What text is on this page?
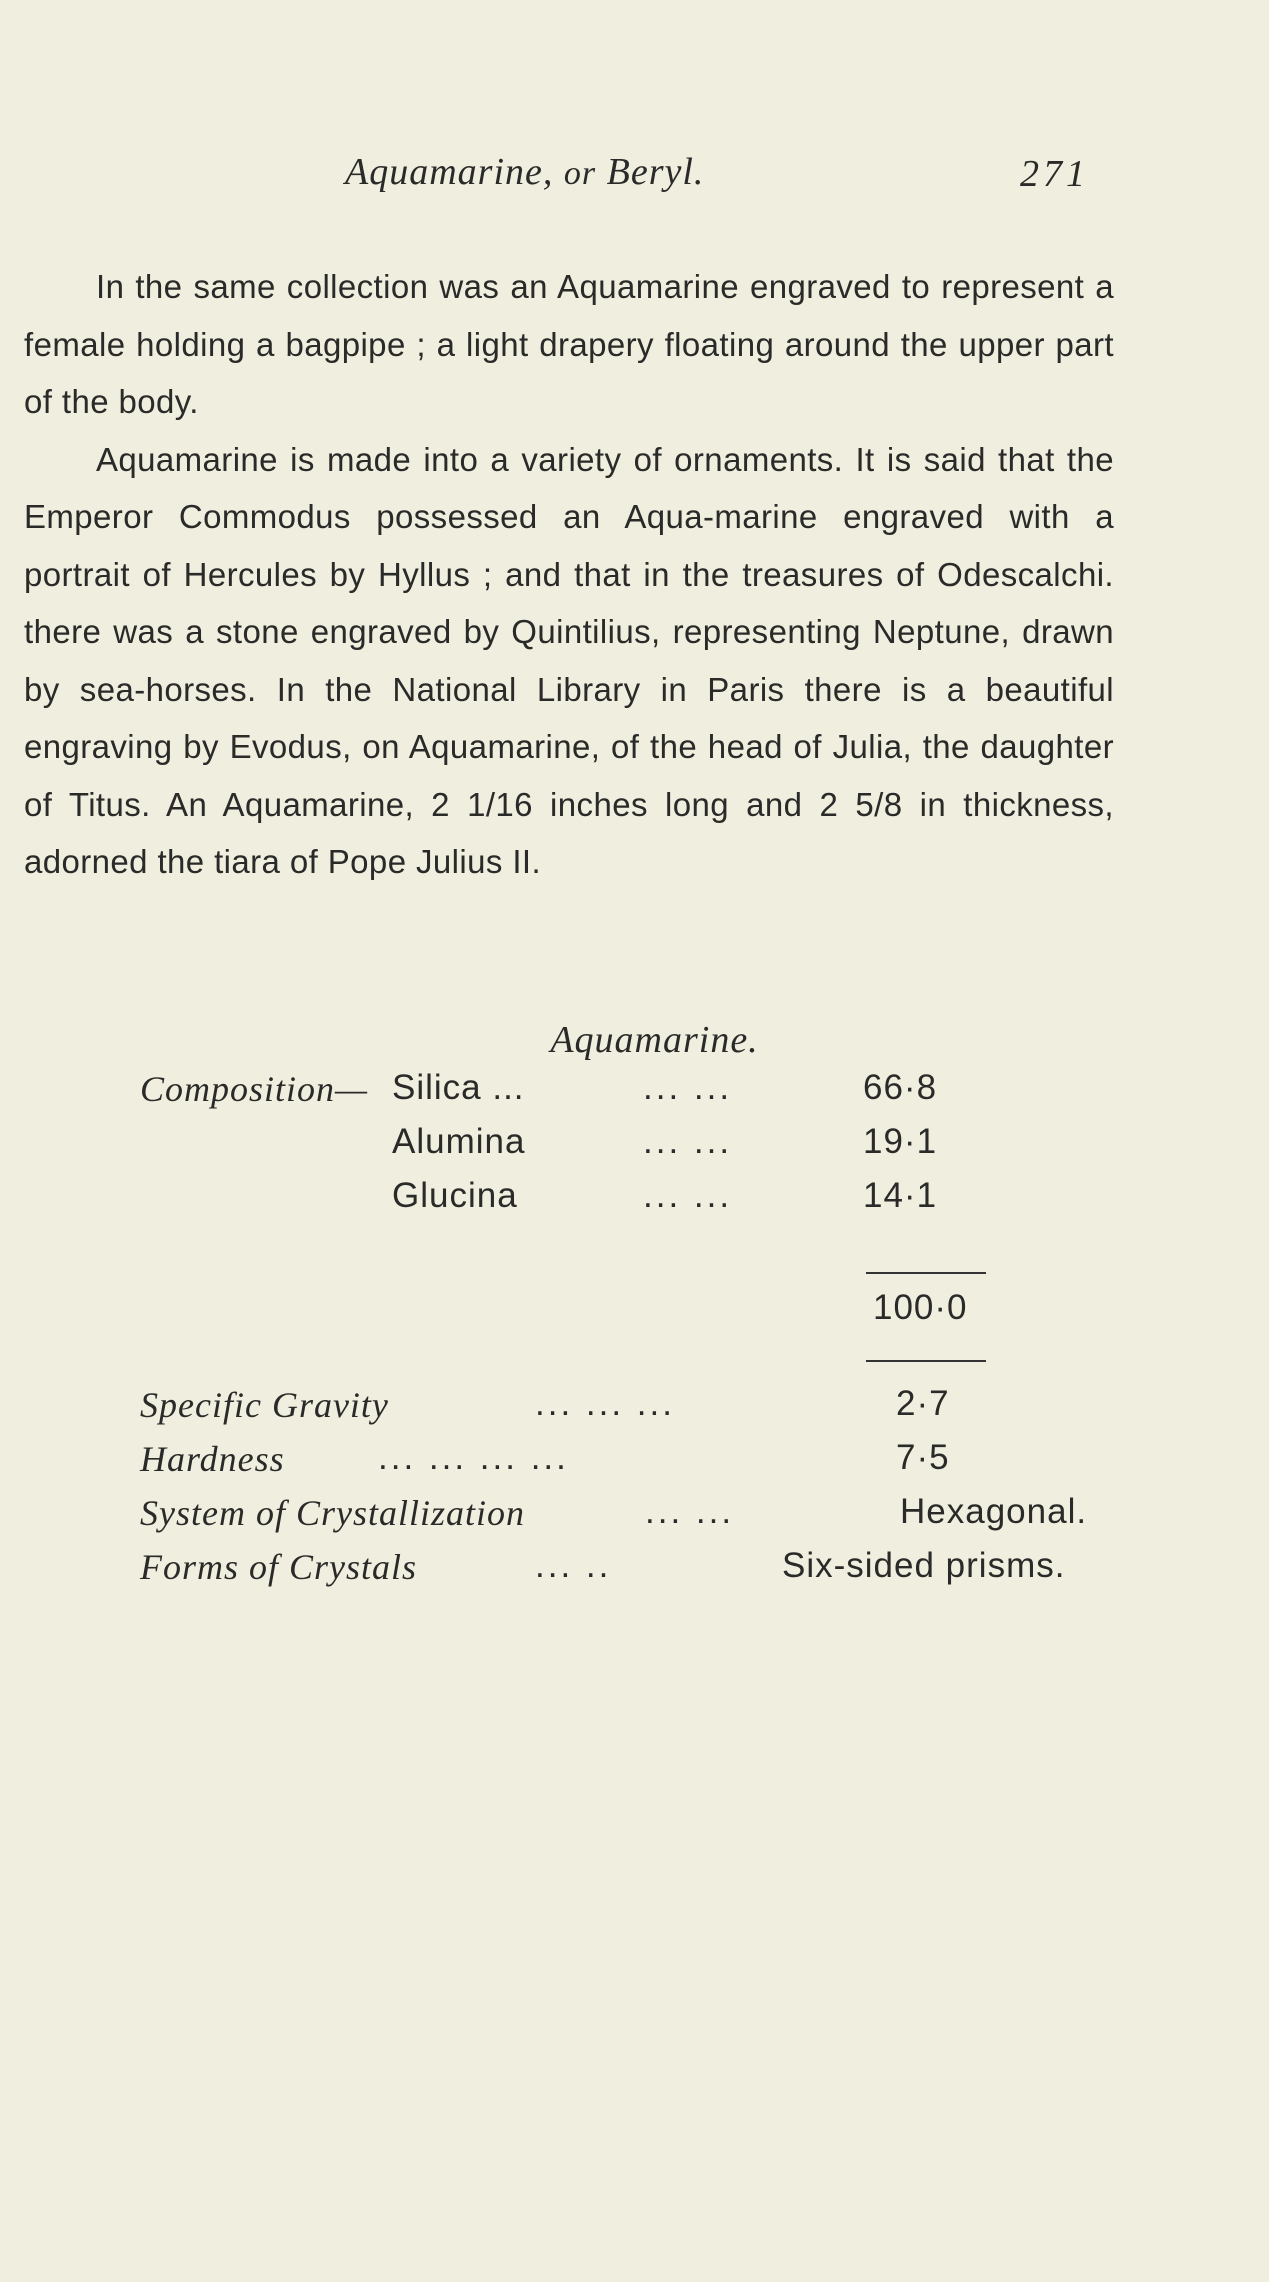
Aquamarine, or Beryl.	271

In the same collection was an Aquamarine engraved to represent a female holding a bagpipe ; a light drapery floating around the upper part of the body.

Aquamarine is made into a variety of ornaments. It is said that the Emperor Commodus possessed an Aqua-marine engraved with a portrait of Hercules by Hyllus ; and that in the treasures of Odescalchi. there was a stone engraved by Quintilius, representing Neptune, drawn by sea-horses. In the National Library in Paris there is a beautiful engraving by Evodus, on Aquamarine, of the head of Julia, the daughter of Titus. An Aquamarine, 2 1/16 inches long and 2 5/8 in thickness, adorned the tiara of Pope Julius II.

Aquamarine.
Composition— Silica ...	... ...	66·8
Alumina	... ...	19·1
Glucina	... ...	14·1
100·0
Specific Gravity	... ... ...	2·7
Hardness	... ... ... ...	7·5
System of Crystallization	... ...	Hexagonal.
Forms of Crystals	... ..	Six-sided prisms.
